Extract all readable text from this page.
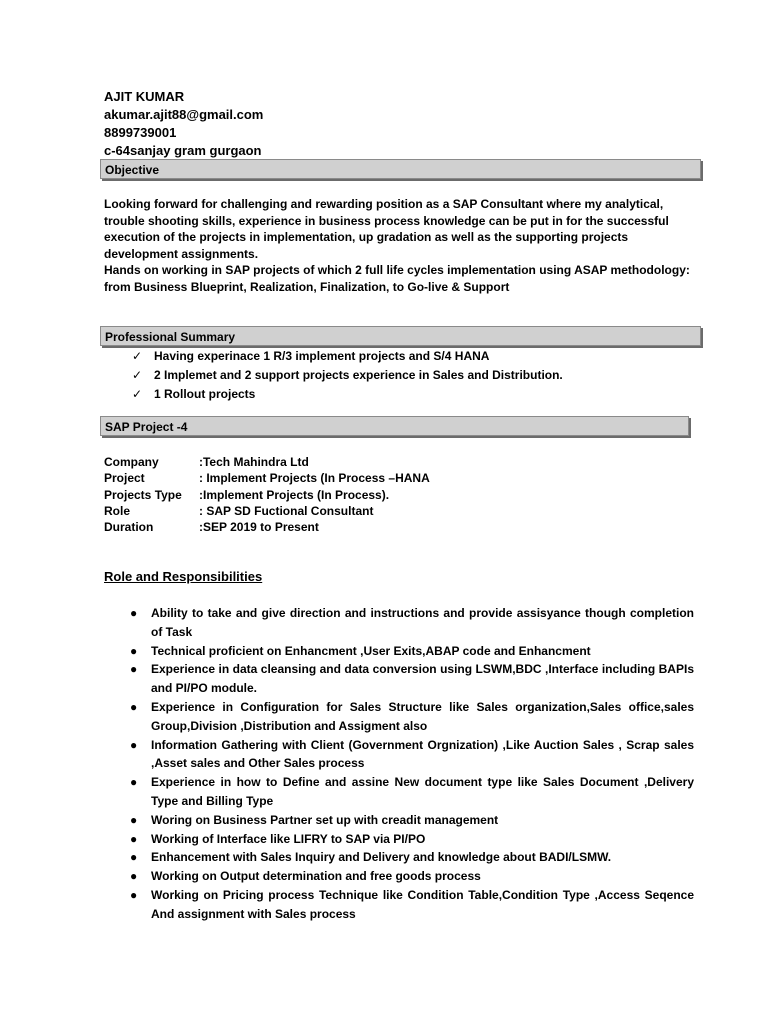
AJIT KUMAR
akumar.ajit88@gmail.com
8899739001
c-64sanjay gram gurgaon
Objective

Looking forward for challenging and rewarding position as a SAP Consultant where my analytical, trouble shooting skills, experience in business process knowledge can be put in for the successful execution of the projects in implementation, up gradation as well as the supporting projects development assignments.

Hands on working in SAP projects of which 2 full life cycles implementation using ASAP methodology: from Business Blueprint, Realization, Finalization, to Go-live & Support

Professional Summary
✓ Having experinace 1 R/3 implement projects and S/4 HANA
✓ 2 Implemet and 2 support projects experience in Sales and Distribution.
✓ 1 Rollout projects
SAP Project -4
Company	:Tech Mahindra Ltd
Project	: Implement Projects (In Process –HANA
Projects Type	:Implement Projects (In Process).
Role	: SAP SD Fuctional Consultant
Duration	:SEP 2019 to Present
Role and Responsibilities
● Ability to take and give direction and instructions and provide assisyance though completion of Task
● Technical proficient on Enhancment ,User Exits,ABAP code and Enhancment
● Experience in data cleansing and data conversion using LSWM,BDC ,Interface including BAPIs and PI/PO module.
● Experience in Configuration for Sales Structure like Sales organization,Sales office,sales Group,Division ,Distribution and Assigment also
● Information Gathering with Client (Government Orgnization) ,Like Auction Sales , Scrap sales ,Asset sales and Other Sales process
● Experience in how to Define and assine New document type like Sales Document ,Delivery Type and Billing Type
● Woring on Business Partner set up with creadit management
● Working of Interface like LIFRY to SAP via PI/PO
● Enhancement with Sales Inquiry and Delivery and knowledge about BADI/LSMW.
● Working on Output determination and free goods process
● Working on Pricing process Technique like Condition Table,Condition Type ,Access Seqence And assignment with Sales process
